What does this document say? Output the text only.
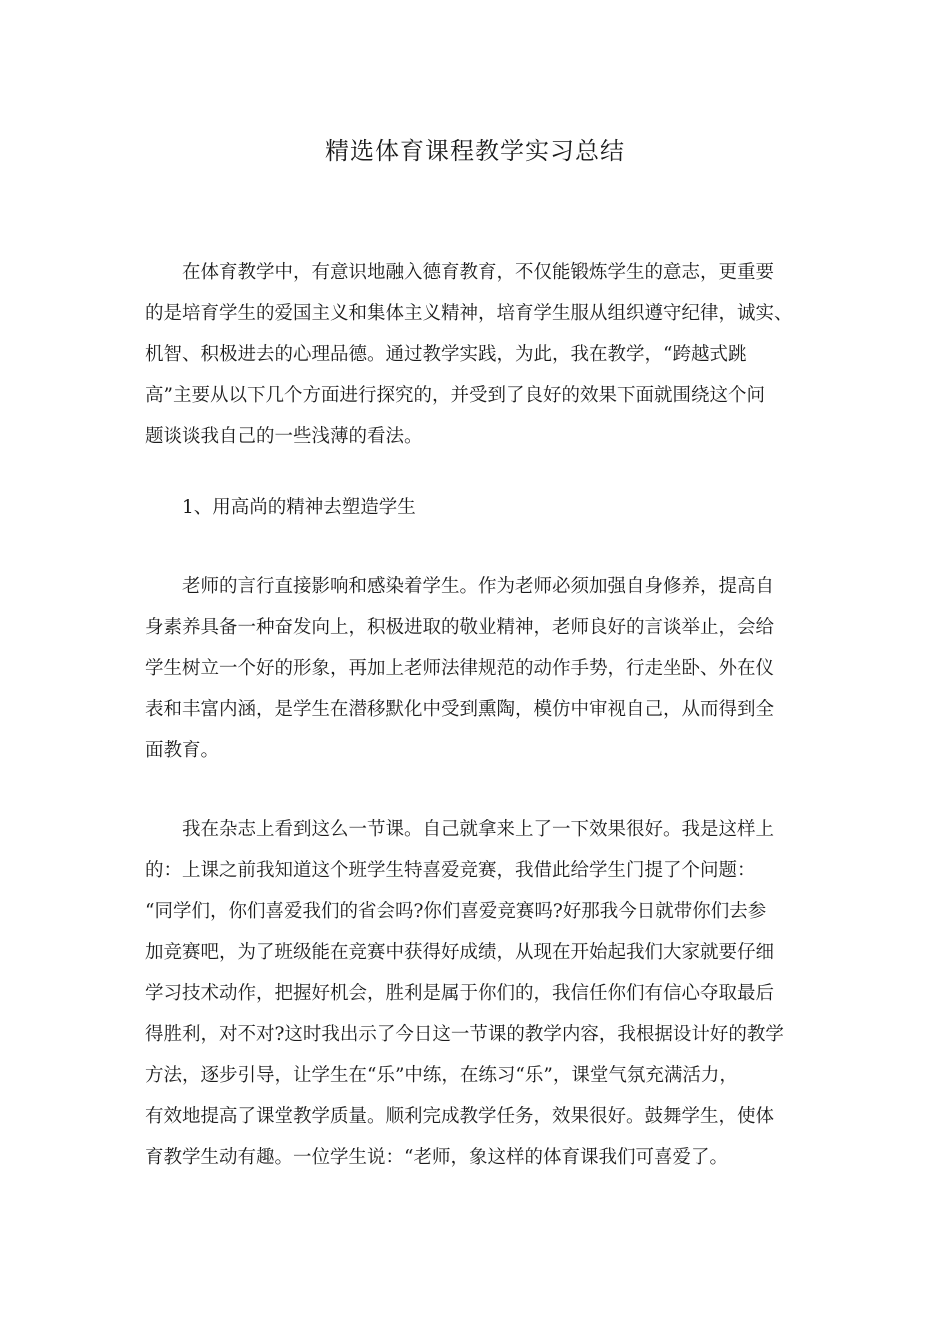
精选体育课程教学实习总结
在体育教学中，有意识地融入德育教育，不仅能锻炼学生的意志，更重要
的是培育学生的爱国主义和集体主义精神，培育学生服从组织遵守纪律，诚实、
机智、积极进去的心理品德。通过教学实践，为此，我在教学，“跨越式跳
高”主要从以下几个方面进行探究的，并受到了良好的效果下面就围绕这个问
题谈谈我自己的一些浅薄的看法。
1、用高尚的精神去塑造学生
老师的言行直接影响和感染着学生。作为老师必须加强自身修养，提高自
身素养具备一种奋发向上，积极进取的敬业精神，老师良好的言谈举止，会给
学生树立一个好的形象，再加上老师法律规范的动作手势，行走坐卧、外在仪
表和丰富内涵，是学生在潜移默化中受到熏陶，模仿中审视自己，从而得到全
面教育。
我在杂志上看到这么一节课。自己就拿来上了一下效果很好。我是这样上
的：上课之前我知道这个班学生特喜爱竞赛，我借此给学生门提了个问题：
“同学们，你们喜爱我们的省会吗?你们喜爱竞赛吗?好那我今日就带你们去参
加竞赛吧，为了班级能在竞赛中获得好成绩，从现在开始起我们大家就要仔细
学习技术动作，把握好机会，胜利是属于你们的，我信任你们有信心夺取最后
得胜利，对不对?这时我出示了今日这一节课的教学内容，我根据设计好的教学
方法，逐步引导，让学生在“乐”中练，在练习“乐”，课堂气氛充满活力，
有效地提高了课堂教学质量。顺利完成教学任务，效果很好。鼓舞学生，使体
育教学生动有趣。一位学生说：“老师，象这样的体育课我们可喜爱了。
